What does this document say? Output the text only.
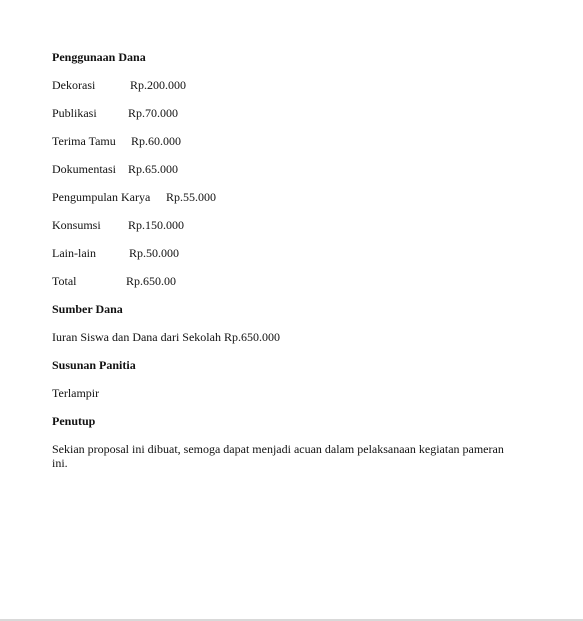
Penggunaan Dana
Dekorasi	Rp.200.000
Publikasi	Rp.70.000
Terima Tamu Rp.60.000
Dokumentasi Rp.65.000
Pengumpulan Karya Rp.55.000
Konsumsi Rp.150.000
Lain-lain	Rp.50.000
Total	Rp.650.00
Sumber Dana
Iuran Siswa dan Dana dari Sekolah Rp.650.000
Susunan Panitia
Terlampir
Penutup
Sekian proposal ini dibuat, semoga dapat menjadi acuan dalam pelaksanaan kegiatan pameran ini.
